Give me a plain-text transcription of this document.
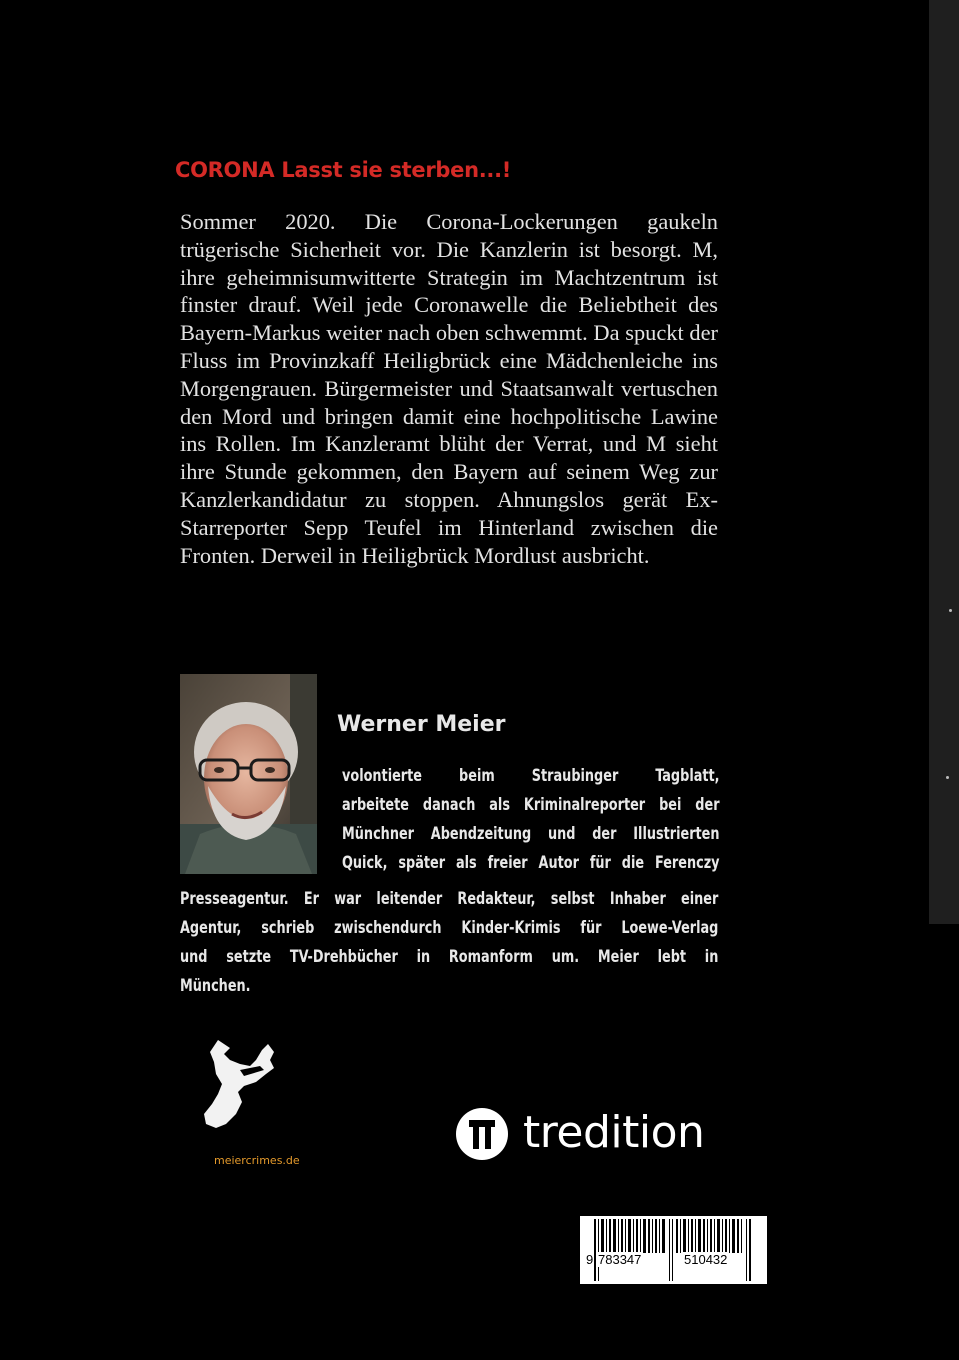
CORONA Lasst sie sterben...!

Sommer 2020. Die Corona-Lockerungen gaukeln trügerische Sicherheit vor. Die Kanzlerin ist besorgt. M, ihre geheimnisumwitterte Strategin im Machtzentrum ist finster drauf. Weil jede Coronawelle die Beliebtheit des Bayern-Markus weiter nach oben schwemmt. Da spuckt der Fluss im Provinzkaff Heiligbrück eine Mädchenleiche ins Morgengrauen. Bürgermeister und Staatsanwalt vertuschen den Mord und bringen damit eine hochpolitische Lawine ins Rollen. Im Kanzleramt blüht der Verrat, und M sieht ihre Stunde gekommen, den Bayern auf seinem Weg zur Kanzlerkandidatur zu stoppen. Ahnungslos gerät Ex-Starreporter Sepp Teufel im Hinterland zwischen die Fronten. Derweil in Heiligbrück Mordlust ausbricht.

Werner Meier
volontierte beim Straubinger Tagblatt,
arbeitete danach als Kriminalreporter bei der
Münchner Abendzeitung und der Illustrierten
Quick, später als freier Autor für die Ferenczy
Presseagentur. Er war leitender Redakteur, selbst Inhaber einer
Agentur, schrieb zwischendurch Kinder-Krimis für Loewe-Verlag
und setzte TV-Drehbücher in Romanform um. Meier lebt in
München.
meiercrimes.de
tredition
9 783347	510432
